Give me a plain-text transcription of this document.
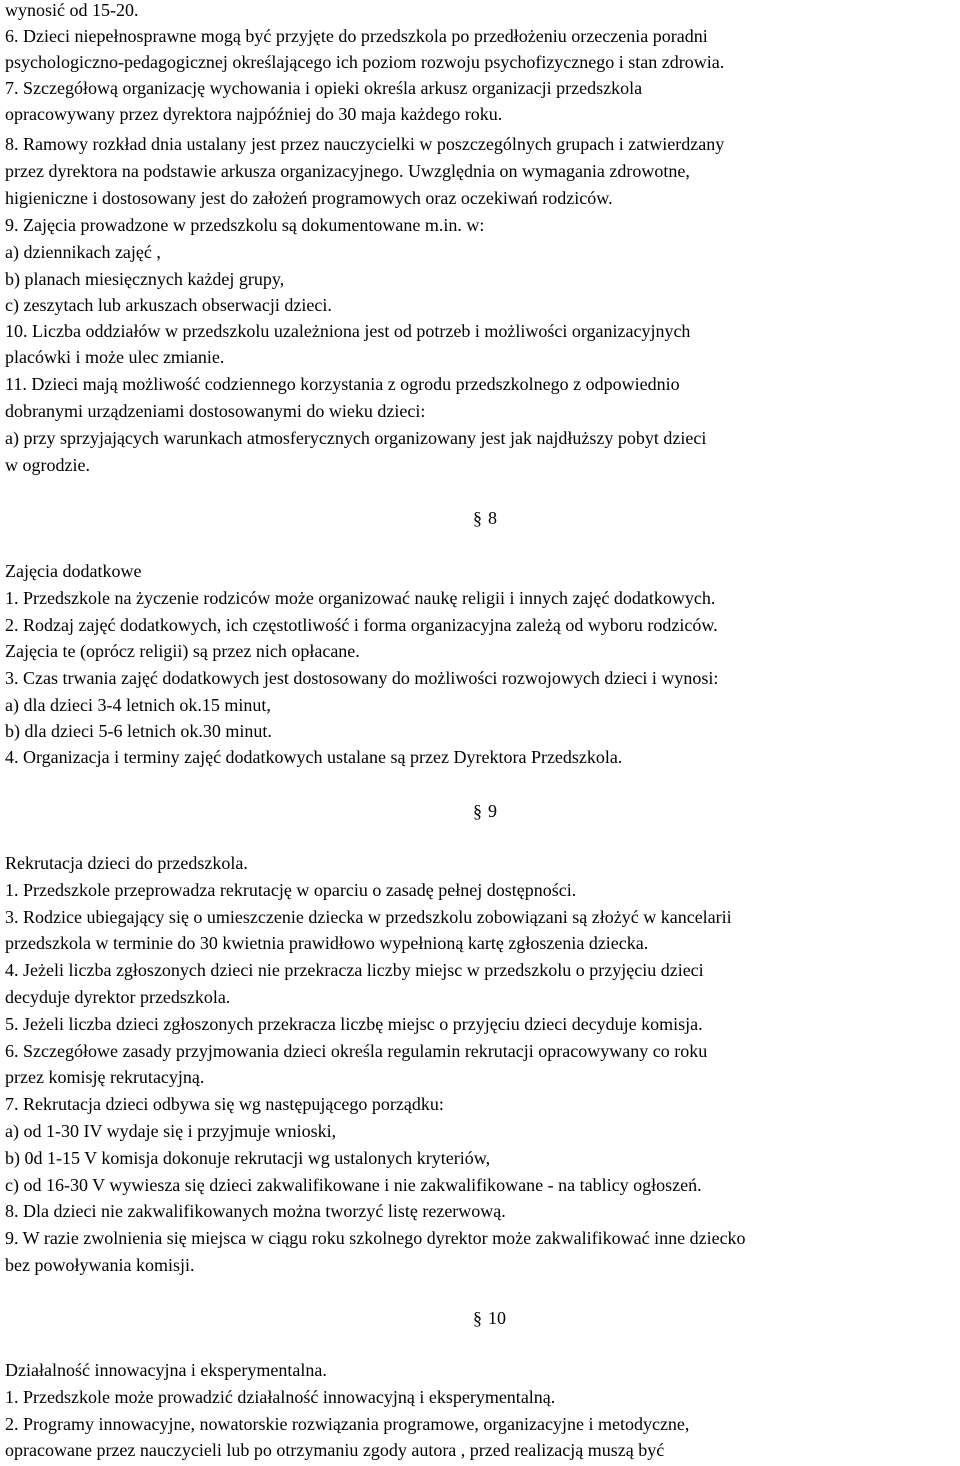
wynosić od 15-20.
6. Dzieci niepełnosprawne mogą być przyjęte do przedszkola po przedłożeniu orzeczenia poradni
psychologiczno-pedagogicznej określającego ich poziom rozwoju psychofizycznego i stan zdrowia.
7. Szczegółową organizację wychowania i opieki określa arkusz organizacji przedszkola
opracowywany przez dyrektora najpóźniej do 30 maja każdego roku.
8. Ramowy rozkład dnia ustalany jest przez nauczycielki w poszczególnych grupach i zatwierdzany
przez dyrektora na podstawie arkusza organizacyjnego. Uwzględnia on wymagania zdrowotne,
higieniczne i dostosowany jest do założeń programowych oraz oczekiwań rodziców.
9. Zajęcia prowadzone w przedszkolu są dokumentowane m.in. w:
a) dziennikach zajęć ,
b) planach miesięcznych każdej grupy,
c) zeszytach lub arkuszach obserwacji dzieci.
10. Liczba oddziałów w przedszkolu uzależniona jest od potrzeb i możliwości organizacyjnych
placówki i może ulec zmianie.
11. Dzieci mają możliwość codziennego korzystania z ogrodu przedszkolnego z odpowiednio
dobranymi urządzeniami dostosowanymi do wieku dzieci:
a) przy sprzyjających warunkach atmosferycznych organizowany jest jak najdłuższy pobyt dzieci
w ogrodzie.
§ 8
Zajęcia dodatkowe
1. Przedszkole na życzenie rodziców może organizować naukę religii i innych zajęć dodatkowych.
2. Rodzaj zajęć dodatkowych, ich częstotliwość i forma organizacyjna zależą od wyboru rodziców.
Zajęcia te (oprócz religii) są przez nich opłacane.
3. Czas trwania zajęć dodatkowych jest dostosowany do możliwości rozwojowych dzieci i wynosi:
a) dla dzieci 3-4 letnich ok.15 minut,
b) dla dzieci 5-6 letnich ok.30 minut.
4. Organizacja i terminy zajęć dodatkowych ustalane są przez Dyrektora Przedszkola.
§ 9
Rekrutacja dzieci do przedszkola.
1. Przedszkole przeprowadza rekrutację w oparciu o zasadę pełnej dostępności.
3. Rodzice ubiegający się o umieszczenie dziecka w przedszkolu zobowiązani są złożyć w kancelarii
przedszkola w terminie do 30 kwietnia prawidłowo wypełnioną kartę zgłoszenia dziecka.
4. Jeżeli liczba zgłoszonych dzieci nie przekracza liczby miejsc w przedszkolu o przyjęciu dzieci
decyduje dyrektor przedszkola.
5. Jeżeli liczba dzieci zgłoszonych przekracza liczbę miejsc o przyjęciu dzieci decyduje komisja.
6. Szczegółowe zasady przyjmowania dzieci określa regulamin rekrutacji opracowywany co roku
przez komisję rekrutacyjną.
7. Rekrutacja dzieci odbywa się wg następującego porządku:
a) od 1-30 IV wydaje się i przyjmuje wnioski,
b) 0d 1-15 V komisja dokonuje rekrutacji wg ustalonych kryteriów,
c) od 16-30 V wywiesza się dzieci zakwalifikowane i nie zakwalifikowane - na tablicy ogłoszeń.
8. Dla dzieci nie zakwalifikowanych można tworzyć listę rezerwową.
9. W razie zwolnienia się miejsca w ciągu roku szkolnego dyrektor może zakwalifikować inne dziecko
bez powoływania komisji.
§ 10
Działalność innowacyjna i eksperymentalna.
1. Przedszkole może prowadzić działalność innowacyjną i eksperymentalną.
2. Programy innowacyjne, nowatorskie rozwiązania programowe, organizacyjne i metodyczne,
opracowane przez nauczycieli lub po otrzymaniu zgody autora , przed realizacją muszą być
